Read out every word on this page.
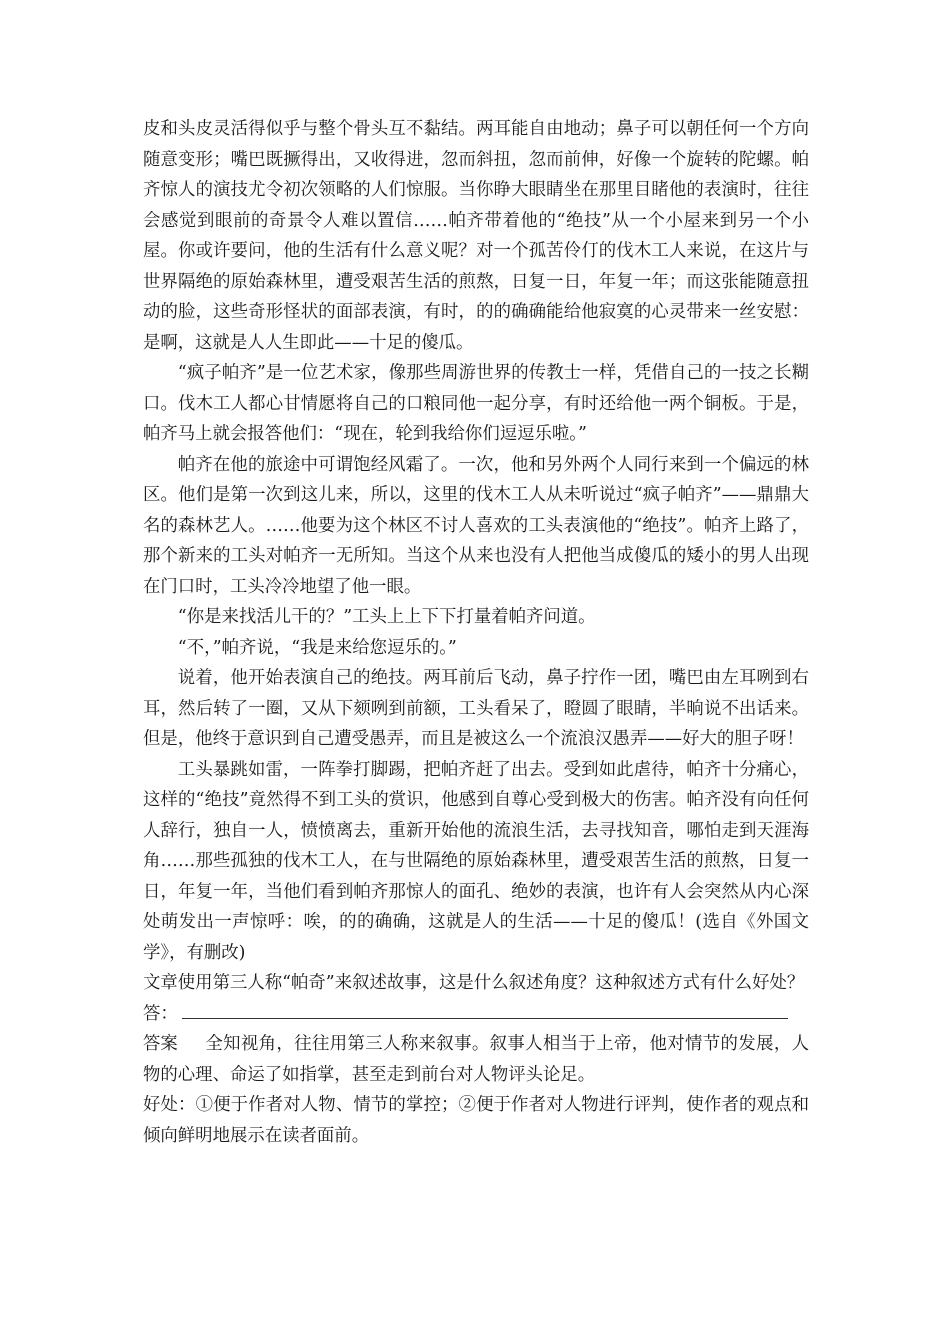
皮和头皮灵活得似乎与整个骨头互不黏结。两耳能自由地动；鼻子可以朝任何一个方向随意变形；嘴巴既撅得出，又收得进，忽而斜扭，忽而前伸，好像一个旋转的陀螺。帕齐惊人的演技尤令初次领略的人们惊服。当你睁大眼睛坐在那里目睹他的表演时，往往会感觉到眼前的奇景令人难以置信……帕齐带着他的“绝技”从一个小屋来到另一个小屋。你或许要问，他的生活有什么意义呢？对一个孤苦伶仃的伐木工人来说，在这片与世界隔绝的原始森林里，遭受艰苦生活的煎熬，日复一日，年复一年；而这张能随意扭动的脸，这些奇形怪状的面部表演，有时，的的确确能给他寂寞的心灵带来一丝安慰：是啊，这就是人人生即此——十足的傻瓜。

“疯子帕齐”是一位艺术家，像那些周游世界的传教士一样，凭借自己的一技之长糊口。伐木工人都心甘情愿将自己的口粮同他一起分享，有时还给他一两个铜板。于是，帕齐马上就会报答他们：“现在，轮到我给你们逗逗乐啦。”

帕齐在他的旅途中可谓饱经风霜了。一次，他和另外两个人同行来到一个偏远的林区。他们是第一次到这儿来，所以，这里的伐木工人从未听说过“疯子帕齐”——鼎鼎大名的森林艺人。……他要为这个林区不讨人喜欢的工头表演他的“绝技”。帕齐上路了，那个新来的工头对帕齐一无所知。当这个从来也没有人把他当成傻瓜的矮小的男人出现在门口时，工头冷冷地望了他一眼。

“你是来找活儿干的？”工头上上下下打量着帕齐问道。

“不，”帕齐说，“我是来给您逗乐的。”

说着，他开始表演自己的绝技。两耳前后飞动，鼻子拧作一团，嘴巴由左耳咧到右耳，然后转了一圈，又从下颏咧到前额，工头看呆了，瞪圆了眼睛，半晌说不出话来。但是，他终于意识到自己遭受愚弄，而且是被这么一个流浪汉愚弄——好大的胆子呀！

工头暴跳如雷，一阵拳打脚踢，把帕齐赶了出去。受到如此虐待，帕齐十分痛心，这样的“绝技”竟然得不到工头的赏识，他感到自尊心受到极大的伤害。帕齐没有向任何人辞行，独自一人，愤愤离去，重新开始他的流浪生活，去寻找知音，哪怕走到天涯海角……那些孤独的伐木工人，在与世隔绝的原始森林里，遭受艰苦生活的煎熬，日复一日，年复一年，当他们看到帕齐那惊人的面孔、绝妙的表演，也许有人会突然从内心深处萌发出一声惊呼：唉，的的确确，这就是人的生活——十足的傻瓜！(选自《外国文学》，有删改)

文章使用第三人称“帕奇”来叙述故事，这是什么叙述角度？这种叙述方式有什么好处？

答：

答案 全知视角，往往用第三人称来叙事。叙事人相当于上帝，他对情节的发展，人物的心理、命运了如指掌，甚至走到前台对人物评头论足。

好处：①便于作者对人物、情节的掌控；②便于作者对人物进行评判，使作者的观点和倾向鲜明地展示在读者面前。
